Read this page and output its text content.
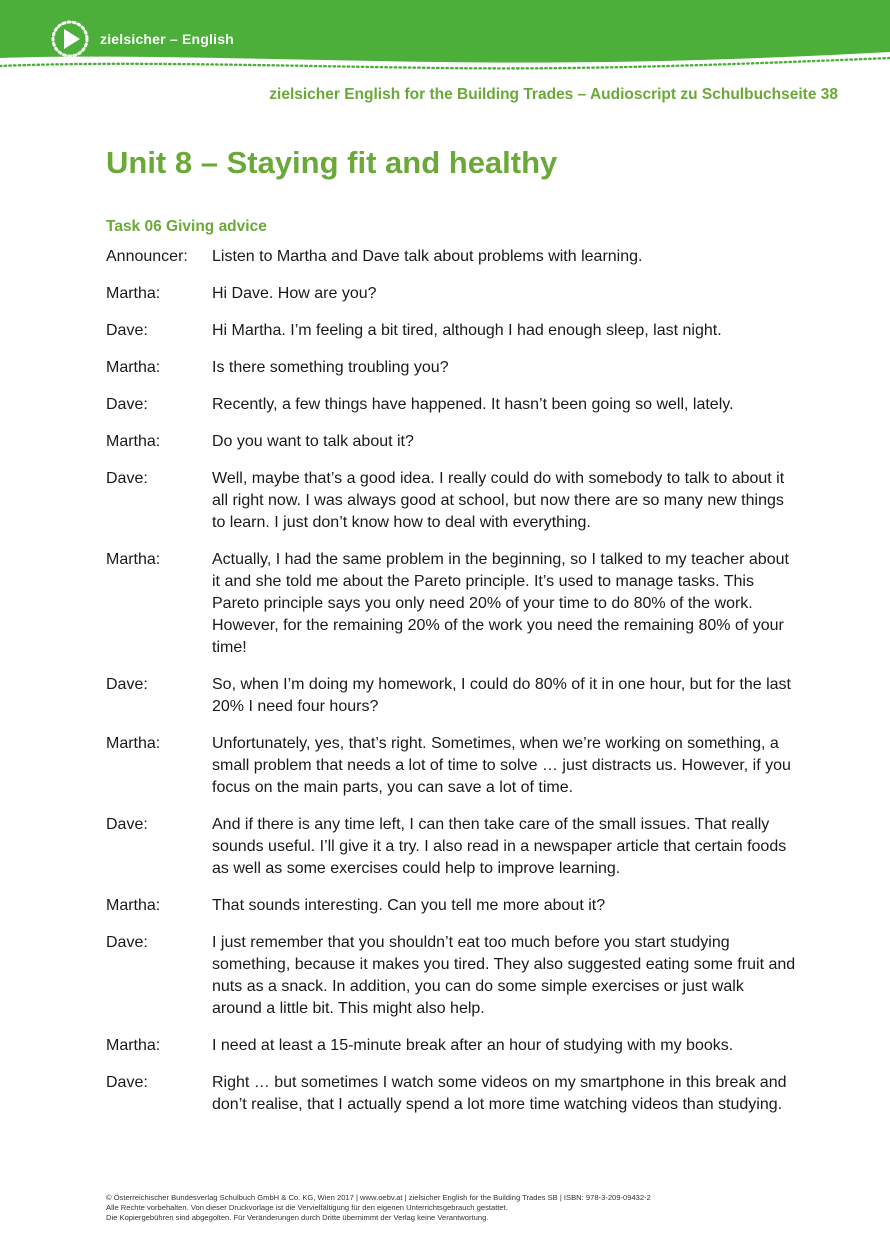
zielsicher – English
zielsicher English for the Building Trades – Audioscript zu Schulbuchseite 38
Unit 8 – Staying fit and healthy
Task 06 Giving advice
Announcer:	Listen to Martha and Dave talk about problems with learning.
Martha:	Hi Dave. How are you?
Dave:	Hi Martha. I’m feeling a bit tired, although I had enough sleep, last night.
Martha:	Is there something troubling you?
Dave:	Recently, a few things have happened. It hasn’t been going so well, lately.
Martha:	Do you want to talk about it?
Dave:	Well, maybe that’s a good idea. I really could do with somebody to talk to about it all right now. I was always good at school, but now there are so many new things to learn. I just don’t know how to deal with everything.
Martha:	Actually, I had the same problem in the beginning, so I talked to my teacher about it and she told me about the Pareto principle. It’s used to manage tasks. This Pareto principle says you only need 20% of your time to do 80% of the work. However, for the remaining 20% of the work you need the remaining 80% of your time!
Dave:	So, when I’m doing my homework, I could do 80% of it in one hour, but for the last 20% I need four hours?
Martha:	Unfortunately, yes, that’s right. Sometimes, when we’re working on something, a small problem that needs a lot of time to solve … just distracts us. However, if you focus on the main parts, you can save a lot of time.
Dave:	And if there is any time left, I can then take care of the small issues. That really sounds useful. I’ll give it a try. I also read in a newspaper article that certain foods as well as some exercises could help to improve learning.
Martha:	That sounds interesting. Can you tell me more about it?
Dave:	I just remember that you shouldn’t eat too much before you start studying something, because it makes you tired. They also suggested eating some fruit and nuts as a snack. In addition, you can do some simple exercises or just walk around a little bit. This might also help.
Martha:	I need at least a 15-minute break after an hour of studying with my books.
Dave:	Right … but sometimes I watch some videos on my smartphone in this break and don’t realise, that I actually spend a lot more time watching videos than studying.
© Österreichischer Bundesverlag Schulbuch GmbH & Co. KG, Wien 2017 | www.oebv.at | zielsicher English for the Building Trades SB | ISBN: 978-3-209-09432-2
Alle Rechte vorbehalten. Von dieser Druckvorlage ist die Vervielfältigung für den eigenen Unterrichtsgebrauch gestattet.
Die Kopiergebühren sind abgegolten. Für Veränderungen durch Dritte übernimmt der Verlag keine Verantwortung.
